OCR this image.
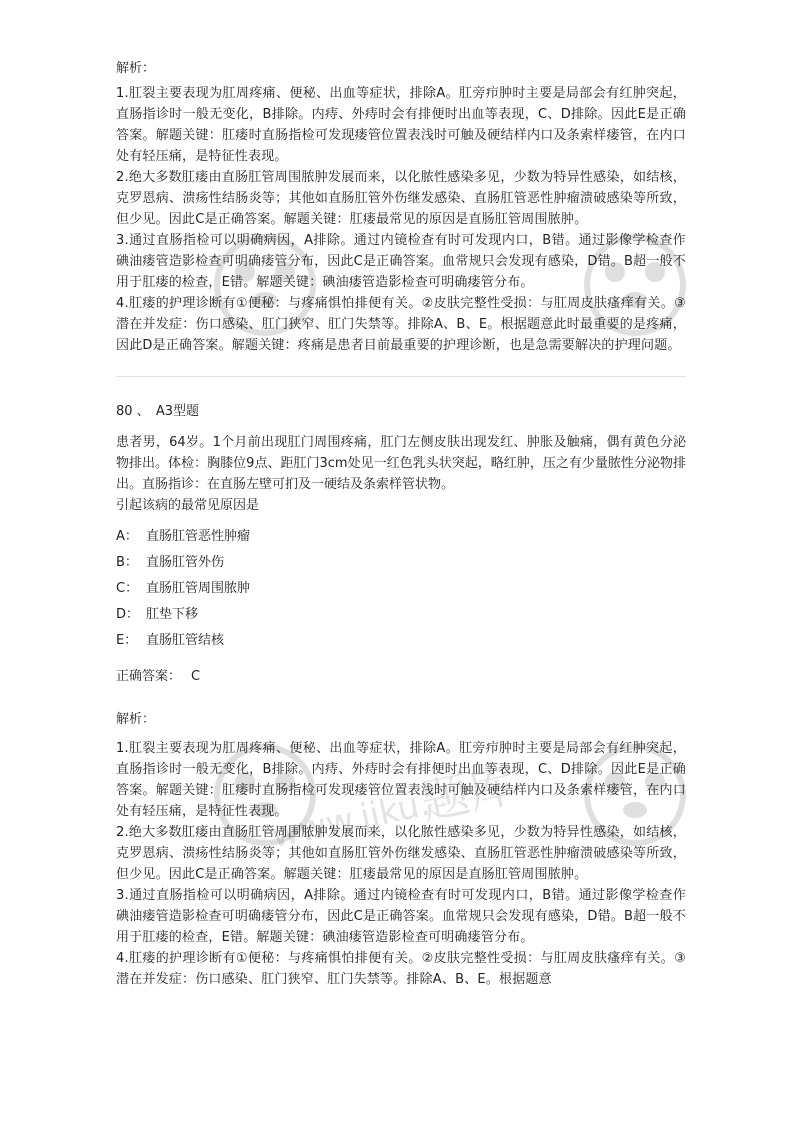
题库
www.jiku.

解析：

1.肛裂主要表现为肛周疼痛、便秘、出血等症状，排除A。肛旁疖肿时主要是局部会有红肿突起，直肠指诊时一般无变化，B排除。内痔、外痔时会有排便时出血等表现，C、D排除。因此E是正确答案。解题关键：肛瘘时直肠指检可发现瘘管位置表浅时可触及硬结样内口及条索样瘘管，在内口处有轻压痛，是特征性表现。

2.绝大多数肛瘘由直肠肛管周围脓肿发展而来，以化脓性感染多见，少数为特异性感染，如结核，克罗恩病、溃疡性结肠炎等；其他如直肠肛管外伤继发感染、直肠肛管恶性肿瘤溃破感染等所致，但少见。因此C是正确答案。解题关键：肛瘘最常见的原因是直肠肛管周围脓肿。

3.通过直肠指检可以明确病因，A排除。通过内镜检查有时可发现内口，B错。通过影像学检查作碘油瘘管造影检查可明确瘘管分布，因此C是正确答案。血常规只会发现有感染，D错。B超一般不用于肛瘘的检查，E错。解题关键：碘油瘘管造影检查可明确瘘管分布。

4.肛瘘的护理诊断有①便秘：与疼痛惧怕排便有关。②皮肤完整性受损：与肛周皮肤瘙痒有关。③潜在并发症：伤口感染、肛门狭窄、肛门失禁等。排除A、B、E。根据题意此时最重要的是疼痛，因此D是正确答案。解题关键：疼痛是患者目前最重要的护理诊断，也是急需要解决的护理问题。

80 、 A3型题

患者男，64岁。1个月前出现肛门周围疼痛，肛门左侧皮肤出现发红、肿胀及触痛，偶有黄色分泌物排出。体检：胸膝位9点、距肛门3cm处见一红色乳头状突起，略红肿，压之有少量脓性分泌物排出。直肠指诊：在直肠左壁可扪及一硬结及条索样管状物。

引起该病的最常见原因是

A： 直肠肛管恶性肿瘤
B： 直肠肛管外伤
C： 直肠肛管周围脓肿
D： 肛垫下移
E： 直肠肛管结核

正确答案： C

解析：

1.肛裂主要表现为肛周疼痛、便秘、出血等症状，排除A。肛旁疖肿时主要是局部会有红肿突起，直肠指诊时一般无变化，B排除。内痔、外痔时会有排便时出血等表现，C、D排除。因此E是正确答案。解题关键：肛瘘时直肠指检可发现瘘管位置表浅时可触及硬结样内口及条索样瘘管，在内口处有轻压痛，是特征性表现。

2.绝大多数肛瘘由直肠肛管周围脓肿发展而来，以化脓性感染多见，少数为特异性感染，如结核，克罗恩病、溃疡性结肠炎等；其他如直肠肛管外伤继发感染、直肠肛管恶性肿瘤溃破感染等所致，但少见。因此C是正确答案。解题关键：肛瘘最常见的原因是直肠肛管周围脓肿。

3.通过直肠指检可以明确病因，A排除。通过内镜检查有时可发现内口，B错。通过影像学检查作碘油瘘管造影检查可明确瘘管分布，因此C是正确答案。血常规只会发现有感染，D错。B超一般不用于肛瘘的检查，E错。解题关键：碘油瘘管造影检查可明确瘘管分布。

4.肛瘘的护理诊断有①便秘：与疼痛惧怕排便有关。②皮肤完整性受损：与肛周皮肤瘙痒有关。③潜在并发症：伤口感染、肛门狭窄、肛门失禁等。排除A、B、E。根据题意
